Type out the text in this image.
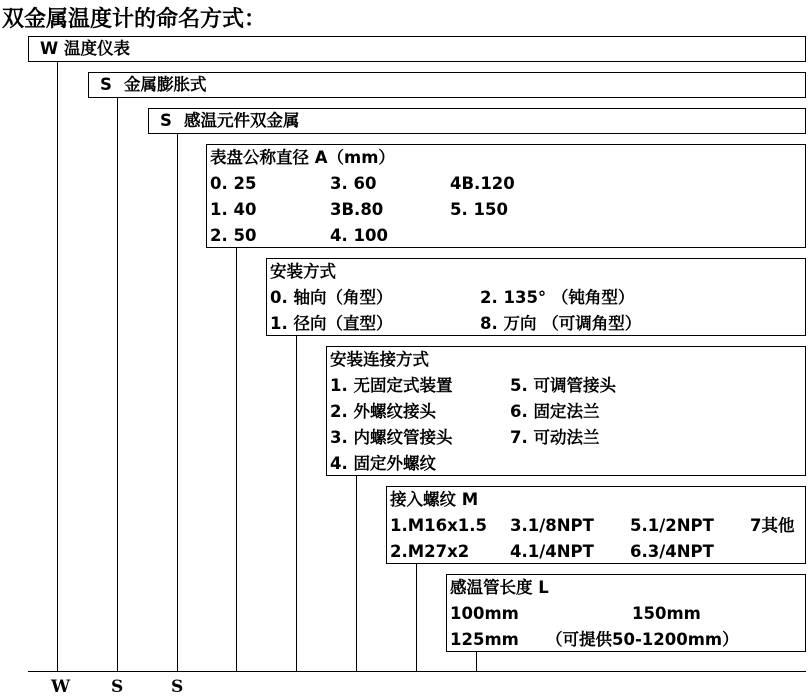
双金属温度计的命名方式：
W 温度仪表
S 金属膨胀式
S 感温元件双金属
表盘公称直径 A（mm）
0. 25	3. 60	4B.120
1. 40	3B.80	5. 150
2. 50	4. 100
安装方式
0. 轴向（角型）	2. 135° （钝角型）
1. 径向（直型）	8. 万向 （可调角型）
安装连接方式
1. 无固定式装置	5. 可调管接头
2. 外螺纹接头	6. 固定法兰
3. 内螺纹管接头	7. 可动法兰
4. 固定外螺纹
接入螺纹 M
1.M16x1.5 3.1/8NPT 5.1/2NPT 7其他
2.M27x2 4.1/4NPT 6.3/4NPT
感温管长度 L
100mm	150mm
125mm （可提供50-1200mm）
W S	S
